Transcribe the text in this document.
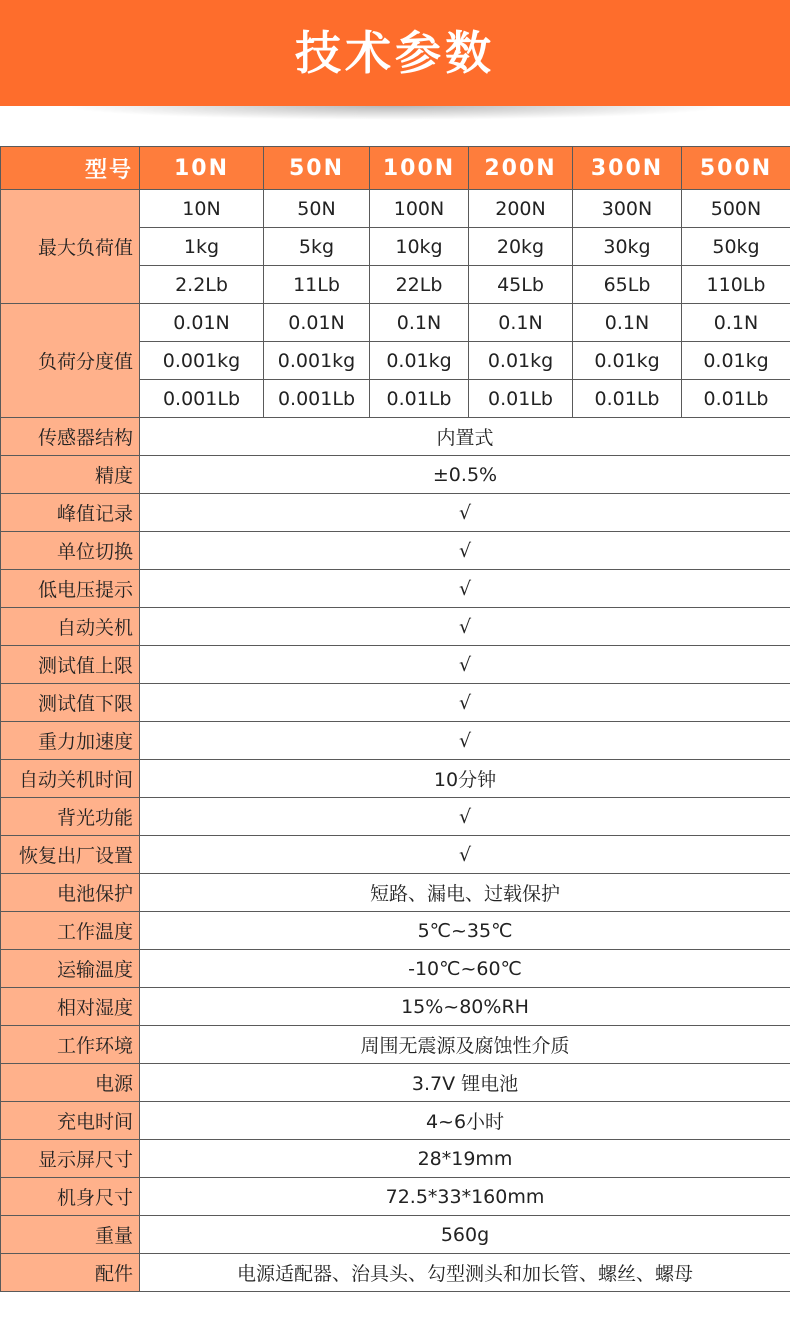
技术参数
型号	10N	50N	100N	200N	300N	500N
最大负荷值	10N	50N	100N	200N	300N	500N
	1kg	5kg	10kg	20kg	30kg	50kg
	2.2Lb	11Lb	22Lb	45Lb	65Lb	110Lb
负荷分度值	0.01N	0.01N	0.1N	0.1N	0.1N	0.1N
	0.001kg	0.001kg	0.01kg	0.01kg	0.01kg	0.01kg
	0.001Lb	0.001Lb	0.01Lb	0.01Lb	0.01Lb	0.01Lb
传感器结构	内置式					
精度	±0.5%					
峰值记录	√					
单位切换	√					
低电压提示	√					
自动关机	√					
测试值上限	√					
测试值下限	√					
重力加速度	√					
自动关机时间	10分钟					
背光功能	√					
恢复出厂设置	√					
电池保护	短路、漏电、过载保护					
工作温度	5℃~35℃					
运输温度	-10℃~60℃					
相对湿度	15%~80%RH					
工作环境	周围无震源及腐蚀性介质					
电源	3.7V 锂电池					
充电时间	4~6小时					
显示屏尺寸	28*19mm					
机身尺寸	72.5*33*160mm					
重量	560g					
配件	电源适配器、治具头、勾型测头和加长管、螺丝、螺母					
